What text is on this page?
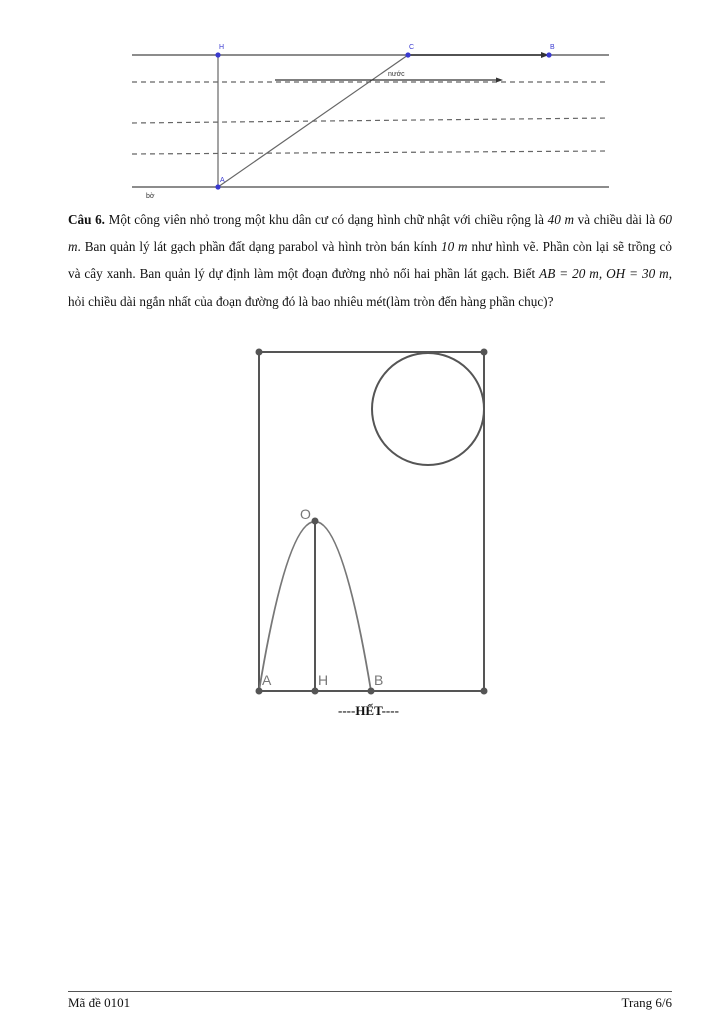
H	C	B
A
nước
bờ

Câu 6. Một công viên nhỏ trong một khu dân cư có dạng hình chữ nhật với chiều rộng là 40 m và chiều dài là 60 m. Ban quản lý lát gạch phần đất dạng parabol và hình tròn bán kính 10 m như hình vẽ. Phần còn lại sẽ trồng cỏ và cây xanh. Ban quản lý dự định làm một đoạn đường nhỏ nối hai phần lát gạch. Biết AB = 20 m, OH = 30 m, hỏi chiều dài ngắn nhất của đoạn đường đó là bao nhiêu mét(làm tròn đến hàng phần chục)?

O
A	H	B
----HẾT----
Mã đề 0101	Trang 6/6
